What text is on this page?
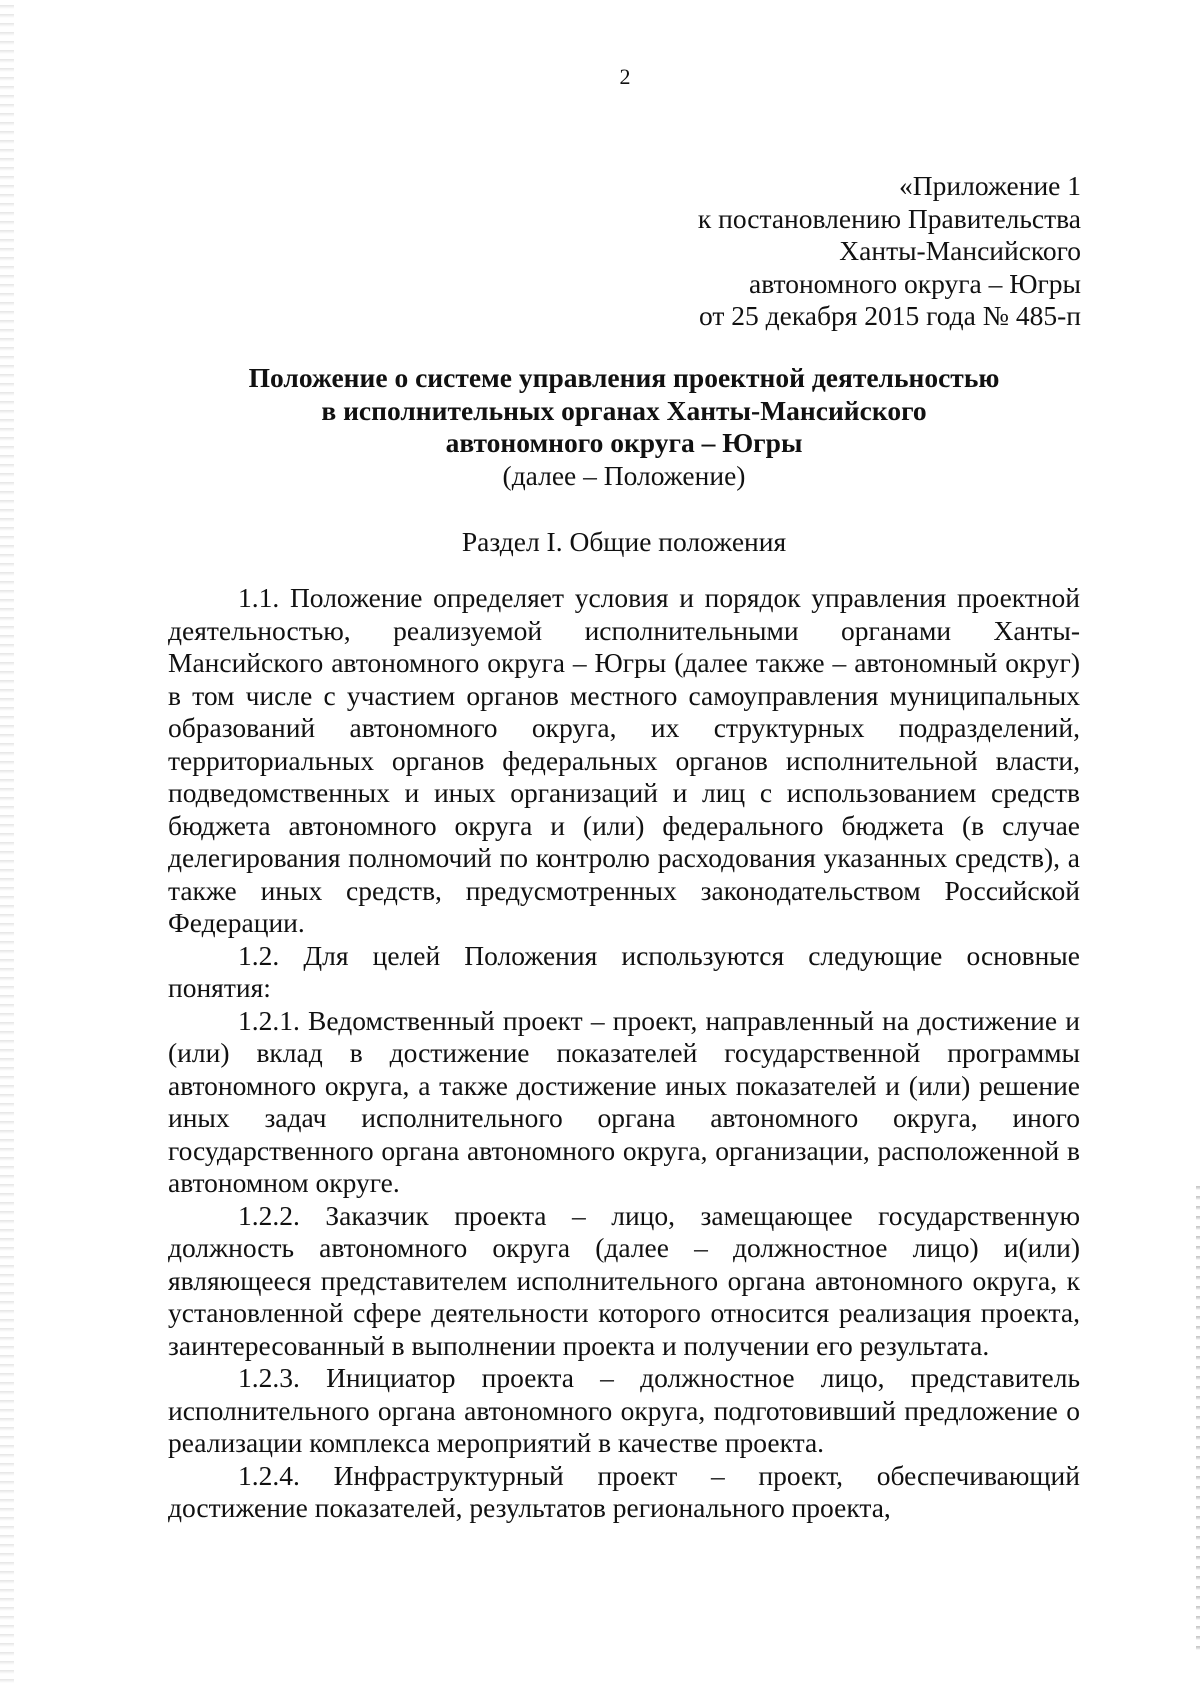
2
«Приложение 1
к постановлению Правительства
Ханты-Мансийского
автономного округа – Югры
от 25 декабря 2015 года № 485-п
Положение о системе управления проектной деятельностью
в исполнительных органах Ханты-Мансийского
автономного округа – Югры
(далее – Положение)
Раздел I. Общие положения

1.1. Положение определяет условия и порядок управления проектной деятельностью, реализуемой исполнительными органами Ханты-Мансийского автономного округа – Югры (далее также – автономный округ) в том числе с участием органов местного самоуправления муниципальных образований автономного округа, их структурных подразделений, территориальных органов федеральных органов исполнительной власти, подведомственных и иных организаций и лиц с использованием средств бюджета автономного округа и (или) федерального бюджета (в случае делегирования полномочий по контролю расходования указанных средств), а также иных средств, предусмотренных законодательством Российской Федерации.

1.2. Для целей Положения используются следующие основные понятия:

1.2.1. Ведомственный проект – проект, направленный на достижение и (или) вклад в достижение показателей государственной программы автономного округа, а также достижение иных показателей и (или) решение иных задач исполнительного органа автономного округа, иного государственного органа автономного округа, организации, расположенной в автономном округе.

1.2.2. Заказчик проекта – лицо, замещающее государственную должность автономного округа (далее – должностное лицо) и(или) являющееся представителем исполнительного органа автономного округа, к установленной сфере деятельности которого относится реализация проекта, заинтересованный в выполнении проекта и получении его результата.

1.2.3. Инициатор проекта – должностное лицо, представитель исполнительного органа автономного округа, подготовивший предложение о реализации комплекса мероприятий в качестве проекта.

1.2.4. Инфраструктурный проект – проект, обеспечивающий достижение показателей, результатов регионального проекта,
